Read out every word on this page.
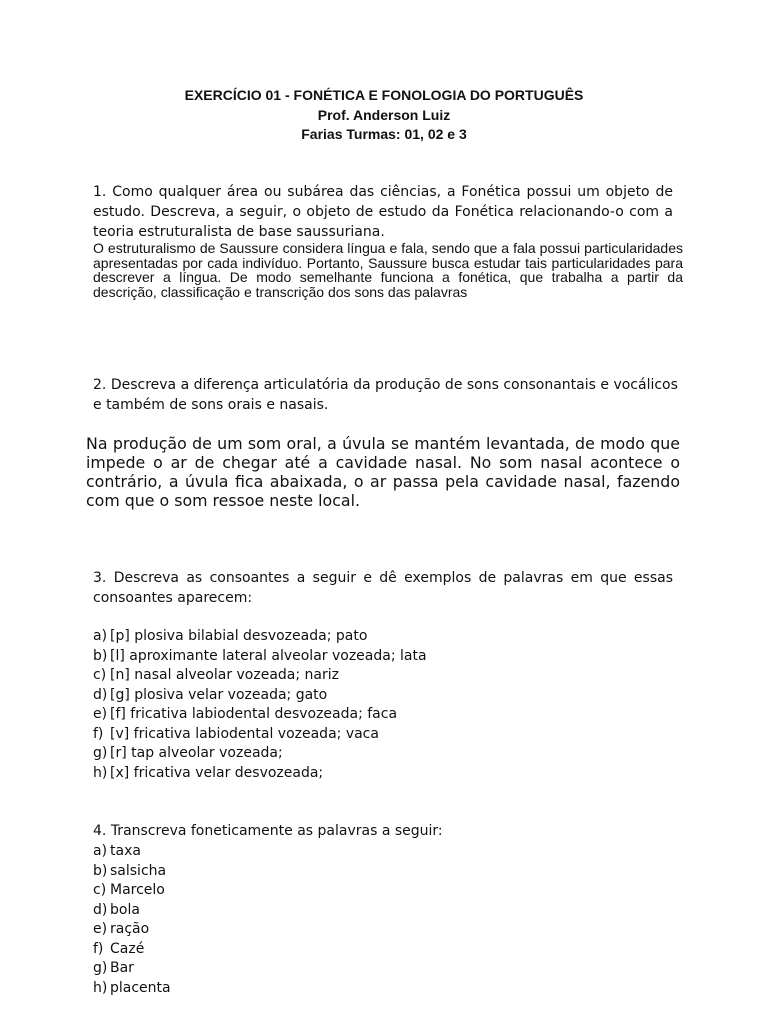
EXERCÍCIO 01 - FONÉTICA E FONOLOGIA DO PORTUGUÊS
Prof. Anderson Luiz
Farias Turmas: 01, 02 e 3
1. Como qualquer área ou subárea das ciências, a Fonética possui um objeto de estudo. Descreva, a seguir, o objeto de estudo da Fonética relacionando-o com a teoria estruturalista de base saussuriana.
O estruturalismo de Saussure considera língua e fala, sendo que a fala possui particularidades apresentadas por cada indivíduo. Portanto, Saussure busca estudar tais particularidades para descrever a língua. De modo semelhante funciona a fonética, que trabalha a partir da descrição, classificação e transcrição dos sons das palavras
2. Descreva a diferença articulatória da produção de sons consonantais e vocálicos e também de sons orais e nasais.
Na produção de um som oral, a úvula se mantém levantada, de modo que impede o ar de chegar até a cavidade nasal. No som nasal acontece o contrário, a úvula fica abaixada, o ar passa pela cavidade nasal, fazendo com que o som ressoe neste local.
3. Descreva as consoantes a seguir e dê exemplos de palavras em que essas consoantes aparecem:
a) [p] plosiva bilabial desvozeada; pato
b) [l] aproximante lateral alveolar vozeada; lata
c) [n] nasal alveolar vozeada; nariz
d) [g] plosiva velar vozeada; gato
e) [f] fricativa labiodental desvozeada; faca
f) [v] fricativa labiodental vozeada; vaca
g) [r] tap alveolar vozeada;
h) [x] fricativa velar desvozeada;
4. Transcreva foneticamente as palavras a seguir:
a) taxa
b) salsicha
c) Marcelo
d) bola
e) ração
f) Cazé
g) Bar
h) placenta
